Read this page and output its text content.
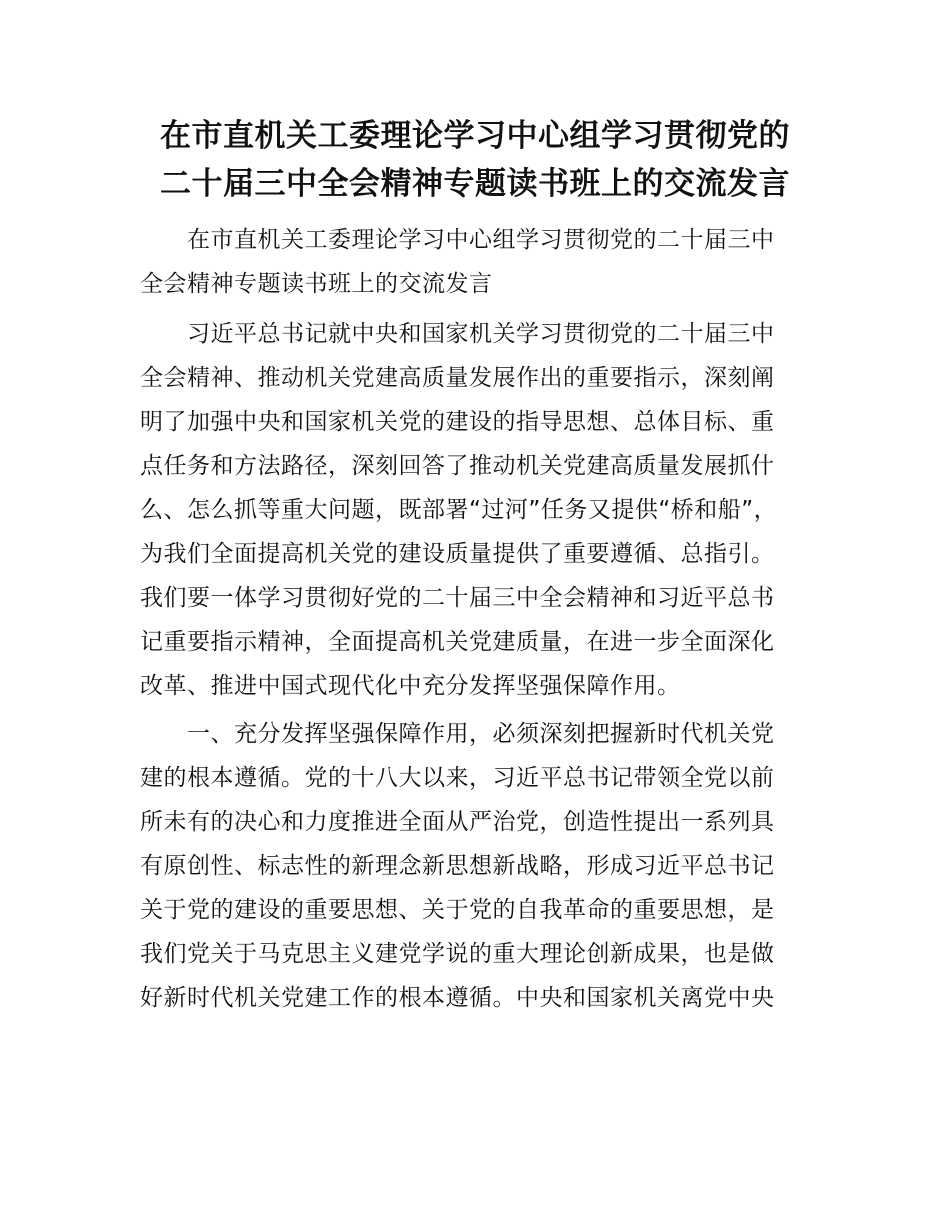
在市直机关工委理论学习中心组学习贯彻党的
二十届三中全会精神专题读书班上的交流发言
在市直机关工委理论学习中心组学习贯彻党的二十届三中
全会精神专题读书班上的交流发言
习近平总书记就中央和国家机关学习贯彻党的二十届三中
全会精神、推动机关党建高质量发展作出的重要指示，深刻阐
明了加强中央和国家机关党的建设的指导思想、总体目标、重
点任务和方法路径，深刻回答了推动机关党建高质量发展抓什
么、怎么抓等重大问题，既部署“过河”任务又提供“桥和船”，
为我们全面提高机关党的建设质量提供了重要遵循、总指引。
我们要一体学习贯彻好党的二十届三中全会精神和习近平总书
记重要指示精神，全面提高机关党建质量，在进一步全面深化
改革、推进中国式现代化中充分发挥坚强保障作用。
一、充分发挥坚强保障作用，必须深刻把握新时代机关党
建的根本遵循。党的十八大以来，习近平总书记带领全党以前
所未有的决心和力度推进全面从严治党，创造性提出一系列具
有原创性、标志性的新理念新思想新战略，形成习近平总书记
关于党的建设的重要思想、关于党的自我革命的重要思想，是
我们党关于马克思主义建党学说的重大理论创新成果，也是做
好新时代机关党建工作的根本遵循。中央和国家机关离党中央
